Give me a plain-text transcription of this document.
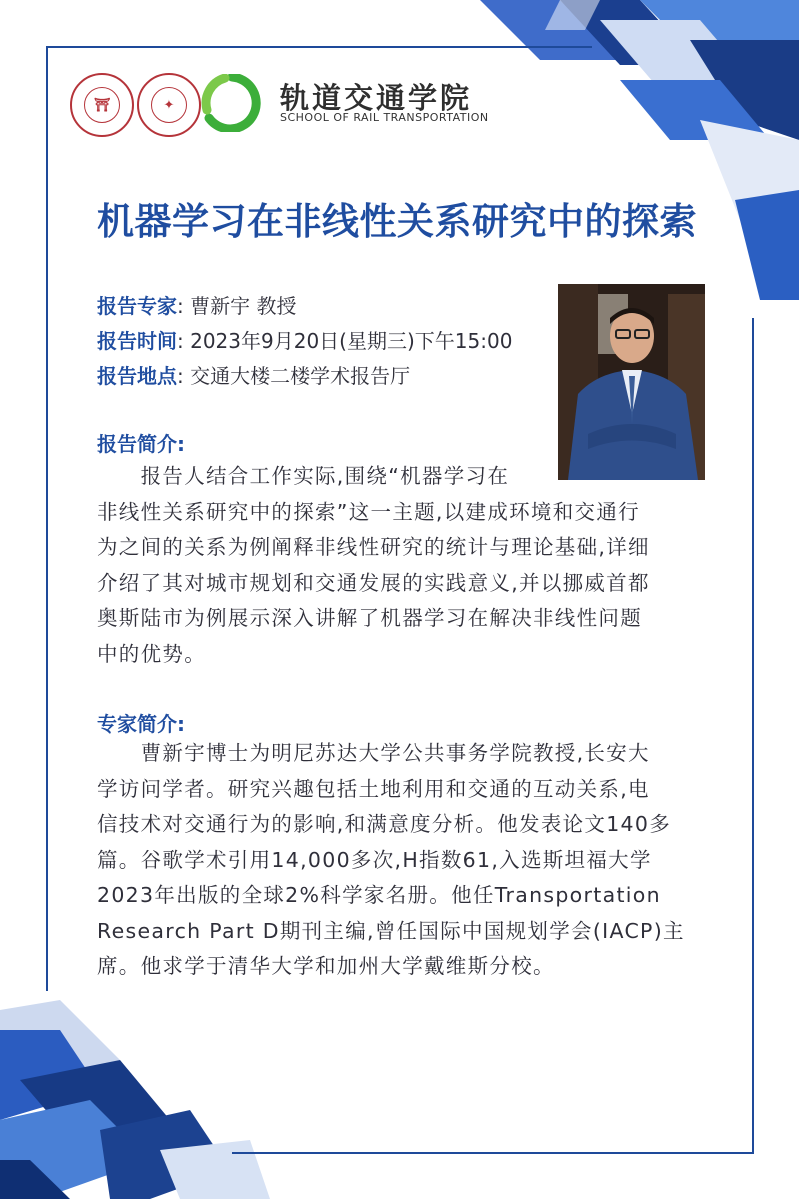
⛩	✦	轨道交通学院
SCHOOL OF RAIL TRANSPORTATION
机器学习在非线性关系研究中的探索
报告专家: 曹新宇 教授
报告时间: 2023年9月20日(星期三)下午15:00
报告地点: 交通大楼二楼学术报告厅
报告简介:
　　报告人结合工作实际,围绕“机器学习在
非线性关系研究中的探索”这一主题,以建成环境和交通行
为之间的关系为例阐释非线性研究的统计与理论基础,详细
介绍了其对城市规划和交通发展的实践意义,并以挪威首都
奥斯陆市为例展示深入讲解了机器学习在解决非线性问题
中的优势。
专家简介:
　　曹新宇博士为明尼苏达大学公共事务学院教授,长安大
学访问学者。研究兴趣包括土地利用和交通的互动关系,电
信技术对交通行为的影响,和满意度分析。他发表论文140多
篇。谷歌学术引用14,000多次,H指数61,入选斯坦福大学
2023年出版的全球2%科学家名册。他任Transportation
Research Part D期刊主编,曾任国际中国规划学会(IACP)主
席。他求学于清华大学和加州大学戴维斯分校。
